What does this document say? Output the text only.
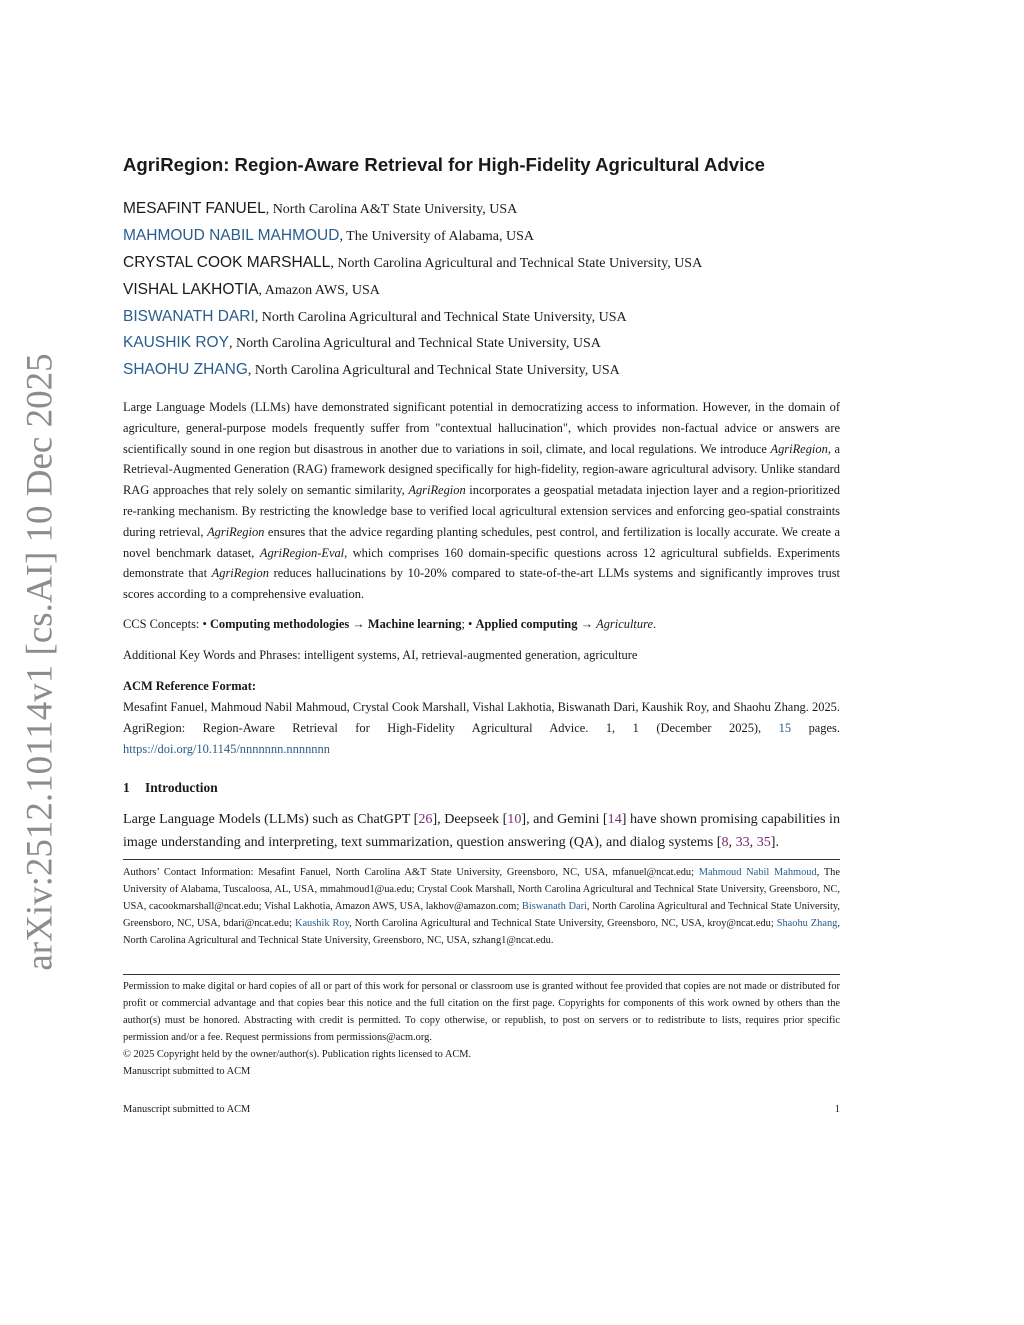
arXiv:2512.10114v1 [cs.AI] 10 Dec 2025
AgriRegion: Region-Aware Retrieval for High-Fidelity Agricultural Advice
MESAFINT FANUEL, North Carolina A&T State University, USA
MAHMOUD NABIL MAHMOUD, The University of Alabama, USA
CRYSTAL COOK MARSHALL, North Carolina Agricultural and Technical State University, USA
VISHAL LAKHOTIA, Amazon AWS, USA
BISWANATH DARI, North Carolina Agricultural and Technical State University, USA
KAUSHIK ROY, North Carolina Agricultural and Technical State University, USA
SHAOHU ZHANG, North Carolina Agricultural and Technical State University, USA

Large Language Models (LLMs) have demonstrated significant potential in democratizing access to information. However, in the domain of agriculture, general-purpose models frequently suffer from "contextual hallucination", which provides non-factual advice or answers are scientifically sound in one region but disastrous in another due to variations in soil, climate, and local regulations. We introduce AgriRegion, a Retrieval-Augmented Generation (RAG) framework designed specifically for high-fidelity, region-aware agricultural advisory. Unlike standard RAG approaches that rely solely on semantic similarity, AgriRegion incorporates a geospatial metadata injection layer and a region-prioritized re-ranking mechanism. By restricting the knowledge base to verified local agricultural extension services and enforcing geo-spatial constraints during retrieval, AgriRegion ensures that the advice regarding planting schedules, pest control, and fertilization is locally accurate. We create a novel benchmark dataset, AgriRegion-Eval, which comprises 160 domain-specific questions across 12 agricultural subfields. Experiments demonstrate that AgriRegion reduces hallucinations by 10-20% compared to state-of-the-art LLMs systems and significantly improves trust scores according to a comprehensive evaluation.

CCS Concepts: • Computing methodologies → Machine learning; • Applied computing → Agriculture.

Additional Key Words and Phrases: intelligent systems, AI, retrieval-augmented generation, agriculture

ACM Reference Format:

Mesafint Fanuel, Mahmoud Nabil Mahmoud, Crystal Cook Marshall, Vishal Lakhotia, Biswanath Dari, Kaushik Roy, and Shaohu Zhang. 2025. AgriRegion: Region-Aware Retrieval for High-Fidelity Agricultural Advice. 1, 1 (December 2025), 15 pages. https://doi.org/10.1145/nnnnnnn.nnnnnnn

1 Introduction

Large Language Models (LLMs) such as ChatGPT [26], Deepseek [10], and Gemini [14] have shown promising capabilities in image understanding and interpreting, text summarization, question answering (QA), and dialog systems [8, 33, 35].

Authors’ Contact Information: Mesafint Fanuel, North Carolina A&T State University, Greensboro, NC, USA, mfanuel@ncat.edu; Mahmoud Nabil Mahmoud, The University of Alabama, Tuscaloosa, AL, USA, mmahmoud1@ua.edu; Crystal Cook Marshall, North Carolina Agricultural and Technical State University, Greensboro, NC, USA, cacookmarshall@ncat.edu; Vishal Lakhotia, Amazon AWS, USA, lakhov@amazon.com; Biswanath Dari, North Carolina Agricultural and Technical State University, Greensboro, NC, USA, bdari@ncat.edu; Kaushik Roy, North Carolina Agricultural and Technical State University, Greensboro, NC, USA, kroy@ncat.edu; Shaohu Zhang, North Carolina Agricultural and Technical State University, Greensboro, NC, USA, szhang1@ncat.edu.

Permission to make digital or hard copies of all or part of this work for personal or classroom use is granted without fee provided that copies are not made or distributed for profit or commercial advantage and that copies bear this notice and the full citation on the first page. Copyrights for components of this work owned by others than the author(s) must be honored. Abstracting with credit is permitted. To copy otherwise, or republish, to post on servers or to redistribute to lists, requires prior specific permission and/or a fee. Request permissions from permissions@acm.org.

© 2025 Copyright held by the owner/author(s). Publication rights licensed to ACM.

Manuscript submitted to ACM

Manuscript submitted to ACM	1
